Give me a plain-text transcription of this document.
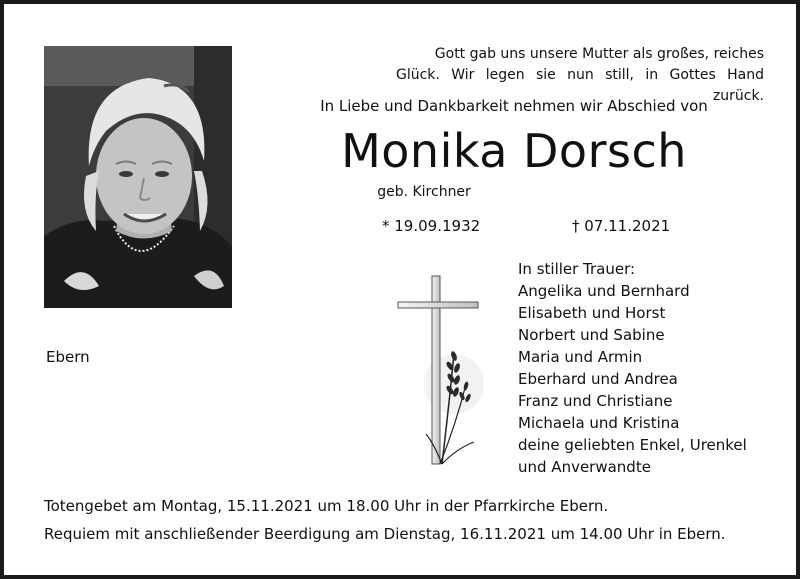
Gott gab uns unsere Mutter als großes, reiches
Glück. Wir legen sie nun still, in Gottes Hand zurück.
In Liebe und Dankbarkeit nehmen wir Abschied von
Monika Dorsch
geb. Kirchner
* 19.09.1932	† 07.11.2021
In stiller Trauer:
Angelika und Bernhard
Elisabeth und Horst
Norbert und Sabine
Maria und Armin
Eberhard und Andrea
Franz und Christiane
Michaela und Kristina
deine geliebten Enkel, Urenkel
und Anverwandte
Ebern
Totengebet am Montag, 15.11.2021 um 18.00 Uhr in der Pfarrkirche Ebern.
Requiem mit anschließender Beerdigung am Dienstag, 16.11.2021 um 14.00 Uhr in Ebern.
